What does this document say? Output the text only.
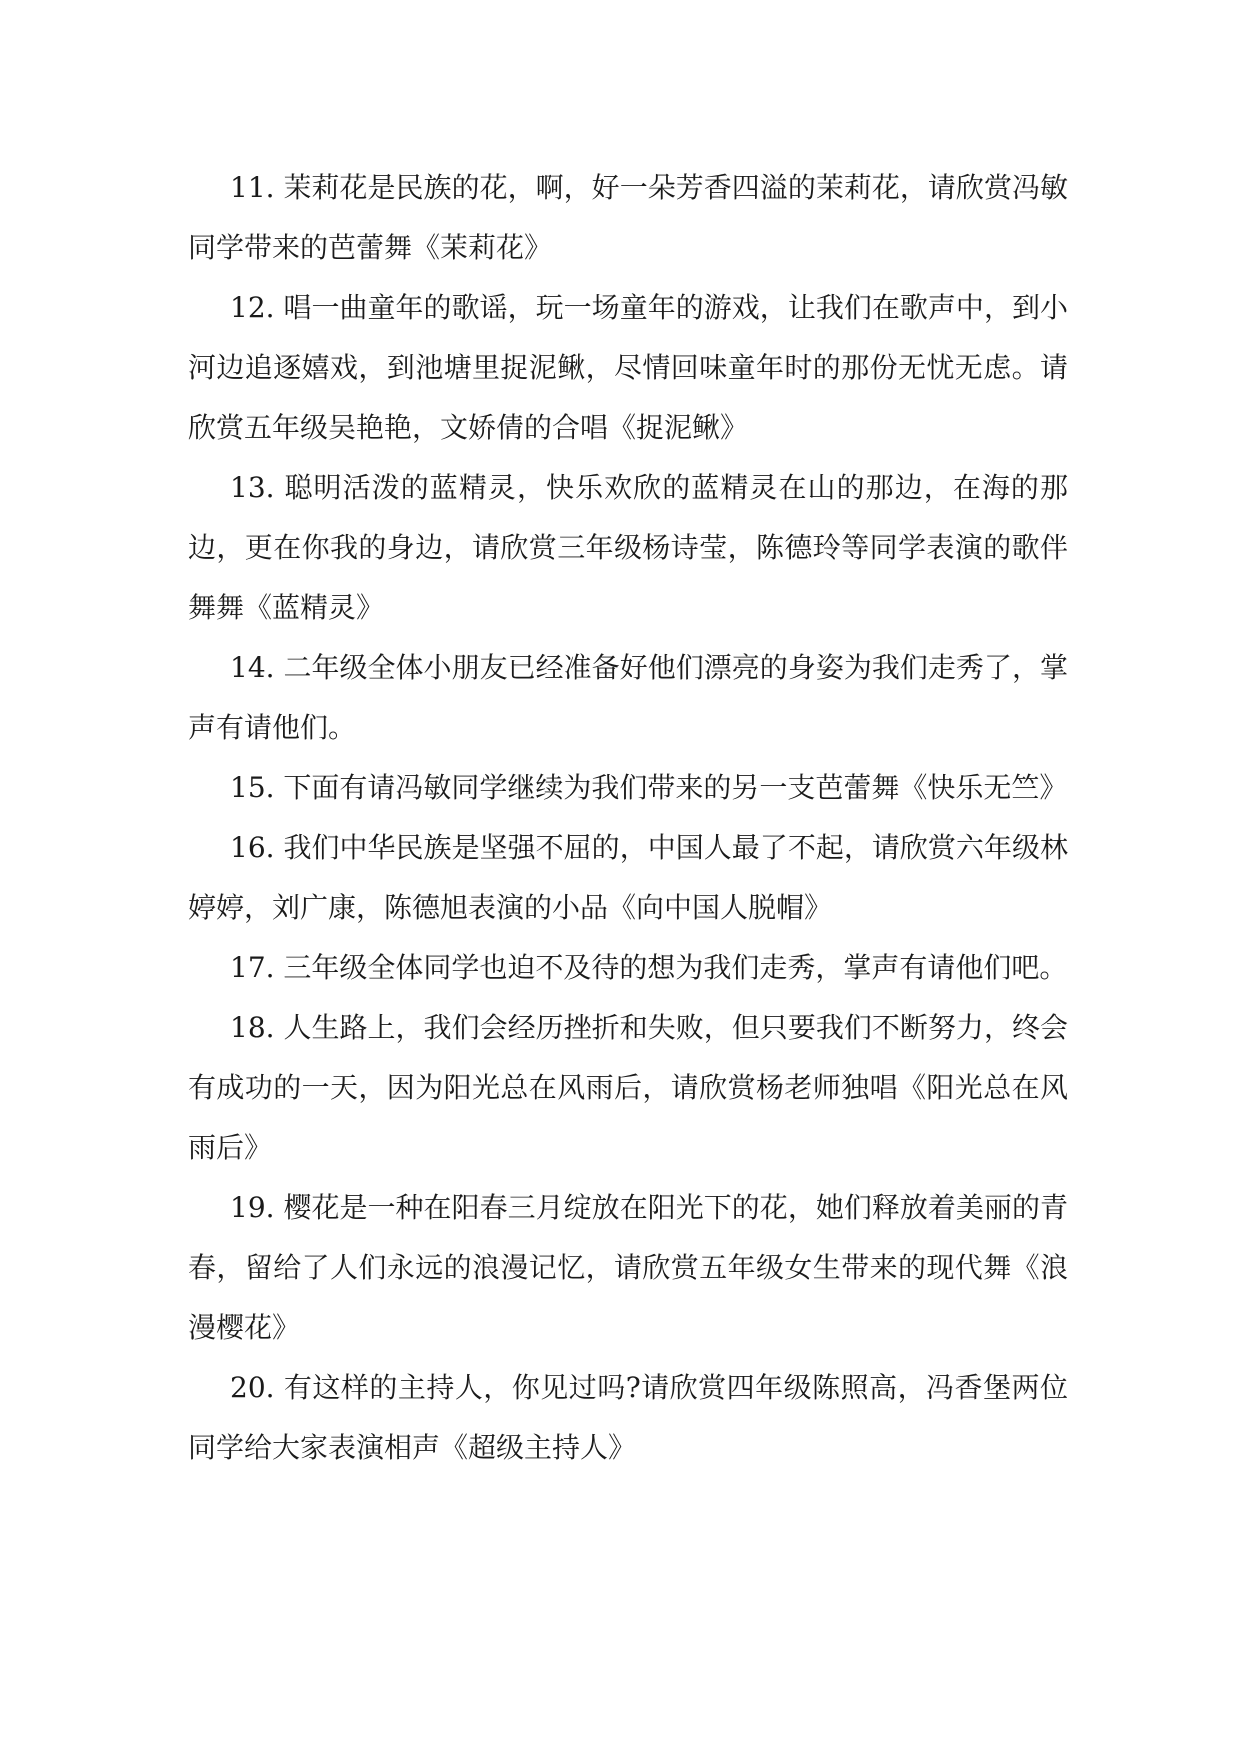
11. 茉莉花是民族的花，啊，好一朵芳香四溢的茉莉花，请欣赏冯敏同学带来的芭蕾舞《茉莉花》

12. 唱一曲童年的歌谣，玩一场童年的游戏，让我们在歌声中，到小河边追逐嬉戏，到池塘里捉泥鳅，尽情回味童年时的那份无忧无虑。请欣赏五年级吴艳艳，文娇倩的合唱《捉泥鳅》

13. 聪明活泼的蓝精灵，快乐欢欣的蓝精灵在山的那边，在海的那边，更在你我的身边，请欣赏三年级杨诗莹，陈德玲等同学表演的歌伴舞舞《蓝精灵》

14. 二年级全体小朋友已经准备好他们漂亮的身姿为我们走秀了，掌声有请他们。

15. 下面有请冯敏同学继续为我们带来的另一支芭蕾舞《快乐无竺》

16. 我们中华民族是坚强不屈的，中国人最了不起，请欣赏六年级林婷婷，刘广康，陈德旭表演的小品《向中国人脱帽》

17. 三年级全体同学也迫不及待的想为我们走秀，掌声有请他们吧。

18. 人生路上，我们会经历挫折和失败，但只要我们不断努力，终会有成功的一天，因为阳光总在风雨后，请欣赏杨老师独唱《阳光总在风雨后》

19. 樱花是一种在阳春三月绽放在阳光下的花，她们释放着美丽的青春，留给了人们永远的浪漫记忆，请欣赏五年级女生带来的现代舞《浪漫樱花》

20. 有这样的主持人，你见过吗?请欣赏四年级陈照高，冯香堡两位同学给大家表演相声《超级主持人》
